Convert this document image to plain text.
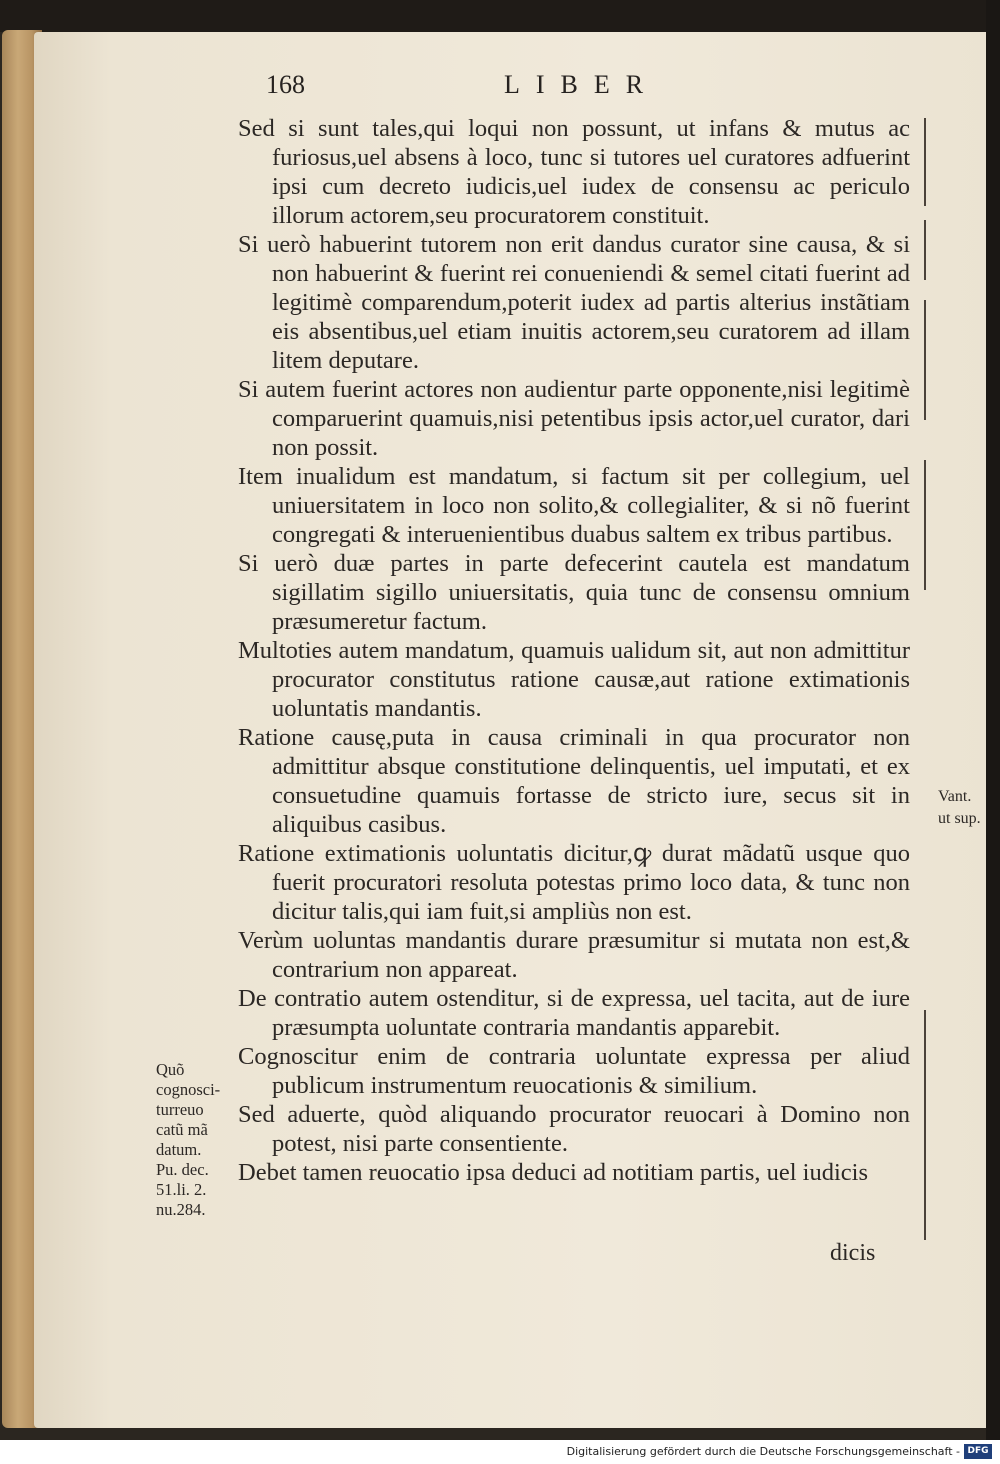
168	LIBER

Sed si sunt tales,qui loqui non possunt, ut infans & mutus ac furiosus,uel absens à loco, tunc si tutores uel curatores adfuerint ipsi cum decreto iudicis,uel iudex de consensu ac periculo illorum actorem,seu procuratorem constituit.

Si uerò habuerint tutorem non erit dandus curator sine causa, & si non habuerint & fuerint rei conueniendi & semel citati fuerint ad legitimè comparendum,poterit iudex ad partis alterius instãtiam eis absentibus,uel etiam inuitis actorem,seu curatorem ad illam litem deputare.

Si autem fuerint actores non audientur parte opponente,nisi legitimè comparuerint quamuis,nisi petentibus ipsis actor,uel curator, dari non possit.

Item inualidum est mandatum, si factum sit per collegium, uel uniuersitatem in loco non solito,& collegialiter, & si nõ fuerint congregati & interuenientibus duabus saltem ex tribus partibus.

Si uerò duæ partes in parte defecerint cautela est mandatum sigillatim sigillo uniuersitatis, quia tunc de consensu omnium præsumeretur factum.

Multoties autem mandatum, quamuis ualidum sit, aut non admittitur procurator constitutus ratione causæ,aut ratione extimationis uoluntatis mandantis.

Ratione causę,puta in causa criminali in qua procurator non admittitur absque constitutione delinquentis, uel imputati, et ex consuetudine quamuis fortasse de stricto iure, secus sit in aliquibus casibus.

Ratione extimationis uoluntatis dicitur,ꝙ durat mãdatũ usque quo fuerit procuratori resoluta potestas primo loco data, & tunc non dicitur talis,qui iam fuit,si ampliùs non est.

Verùm uoluntas mandantis durare præsumitur si mutata non est,& contrarium non appareat.

De contratio autem ostenditur, si de expressa, uel tacita, aut de iure præsumpta uoluntate contraria mandantis apparebit.

Cognoscitur enim de contraria uoluntate expressa per aliud publicum instrumentum reuocationis & similium.

Sed aduerte, quòd aliquando procurator reuocari à Domino non potest, nisi parte consentiente.

Debet tamen reuocatio ipsa deduci ad notitiam partis, uel iudicis

Quõ cognosci-
turreuo
catũ mã
datum.
Pu. dec.
51.li. 2.
nu.284.
Vant.
ut sup.
dicis
Digitalisierung gefördert durch die Deutsche Forschungsgemeinschaft - DFG
